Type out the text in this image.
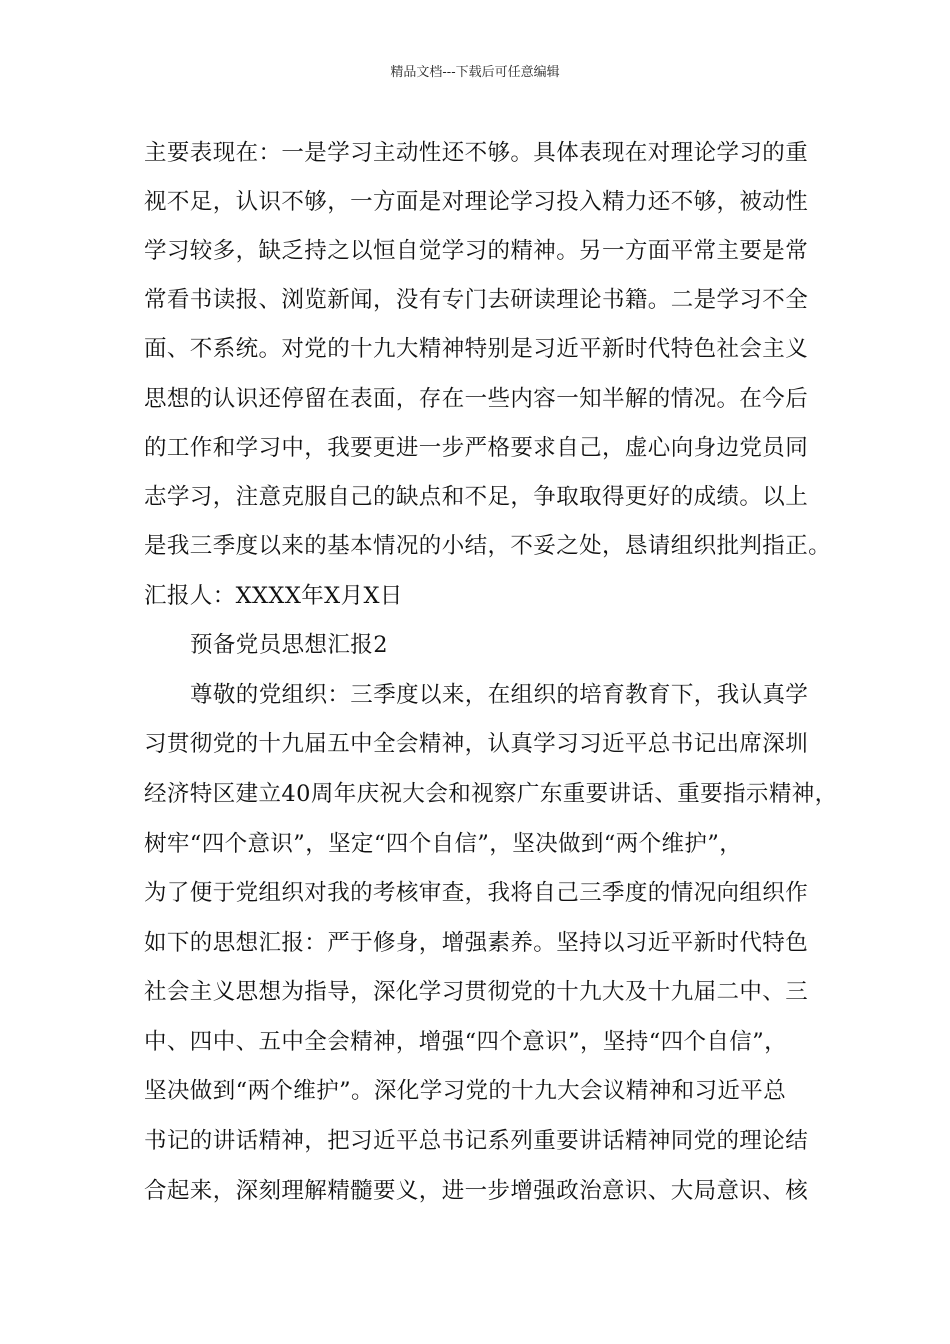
精品文档---下载后可任意编辑
主要表现在：一是学习主动性还不够。具体表现在对理论学习的重
视不足，认识不够，一方面是对理论学习投入精力还不够，被动性
学习较多，缺乏持之以恒自觉学习的精神。另一方面平常主要是常
常看书读报、浏览新闻，没有专门去研读理论书籍。二是学习不全
面、不系统。对党的十九大精神特别是习近平新时代特色社会主义
思想的认识还停留在表面，存在一些内容一知半解的情况。在今后
的工作和学习中，我要更进一步严格要求自己，虚心向身边党员同
志学习，注意克服自己的缺点和不足，争取取得更好的成绩。以上
是我三季度以来的基本情况的小结，不妥之处，恳请组织批判指正。
汇报人：XXXX年X月X日
预备党员思想汇报2
尊敬的党组织：三季度以来，在组织的培育教育下，我认真学
习贯彻党的十九届五中全会精神，认真学习习近平总书记出席深圳
经济特区建立40周年庆祝大会和视察广东重要讲话、重要指示精神，
树牢“四个意识”，坚定“四个自信”，坚决做到“两个维护”，
为了便于党组织对我的考核审查，我将自己三季度的情况向组织作
如下的思想汇报：严于修身，增强素养。坚持以习近平新时代特色
社会主义思想为指导，深化学习贯彻党的十九大及十九届二中、三
中、四中、五中全会精神，增强“四个意识”，坚持“四个自信”，
坚决做到“两个维护”。深化学习党的十九大会议精神和习近平总
书记的讲话精神，把习近平总书记系列重要讲话精神同党的理论结
合起来，深刻理解精髓要义，进一步增强政治意识、大局意识、核
